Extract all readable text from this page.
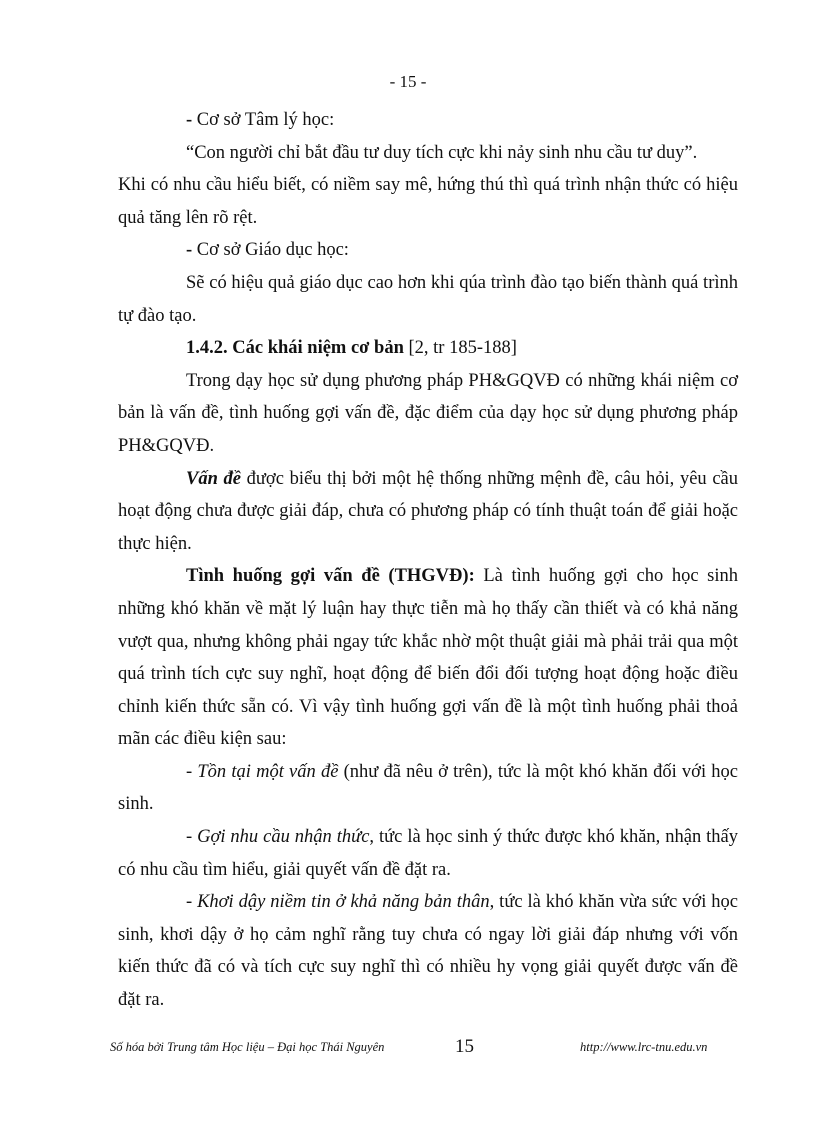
- 15 -

- Cơ sở Tâm lý học:

“Con người chỉ bắt đầu tư duy tích cực khi nảy sinh nhu cầu tư duy”.

Khi có nhu cầu hiểu biết, có niềm say mê, hứng thú thì quá trình nhận thức có hiệu quả tăng lên rõ rệt.

- Cơ sở Giáo dục học:

Sẽ có hiệu quả giáo dục cao hơn khi qúa trình đào tạo biến thành quá trình tự đào tạo.

1.4.2. Các khái niệm cơ bản [2, tr 185-188]

Trong dạy học sử dụng phương pháp PH&GQVĐ có những khái niệm cơ bản là vấn đề, tình huống gợi vấn đề, đặc điểm của dạy học sử dụng phương pháp PH&GQVĐ.

Vấn đề được biểu thị bởi một hệ thống những mệnh đề, câu hỏi, yêu cầu hoạt động chưa được giải đáp, chưa có phương pháp có tính thuật toán để giải hoặc thực hiện.

Tình huống gợi vấn đề (THGVĐ): Là tình huống gợi cho học sinh những khó khăn về mặt lý luận hay thực tiễn mà họ thấy cần thiết và có khả năng vượt qua, nhưng không phải ngay tức khắc nhờ một thuật giải mà phải trải qua một quá trình tích cực suy nghĩ, hoạt động để biến đổi đối tượng hoạt động hoặc điều chỉnh kiến thức sẵn có. Vì vậy tình huống gợi vấn đề là một tình huống phải thoả mãn các điều kiện sau:

- Tồn tại một vấn đề (như đã nêu ở trên), tức là một khó khăn đối với học sinh.

- Gợi nhu cầu nhận thức, tức là học sinh ý thức được khó khăn, nhận thấy có nhu cầu tìm hiểu, giải quyết vấn đề đặt ra.

- Khơi dậy niềm tin ở khả năng bản thân, tức là khó khăn vừa sức với học sinh, khơi dậy ở họ cảm nghĩ rằng tuy chưa có ngay lời giải đáp nhưng với vốn kiến thức đã có và tích cực suy nghĩ thì có nhiều hy vọng giải quyết được vấn đề đặt ra.

Số hóa bởi Trung tâm Học liệu – Đại học Thái Nguyên	15	http://www.lrc-tnu.edu.vn
